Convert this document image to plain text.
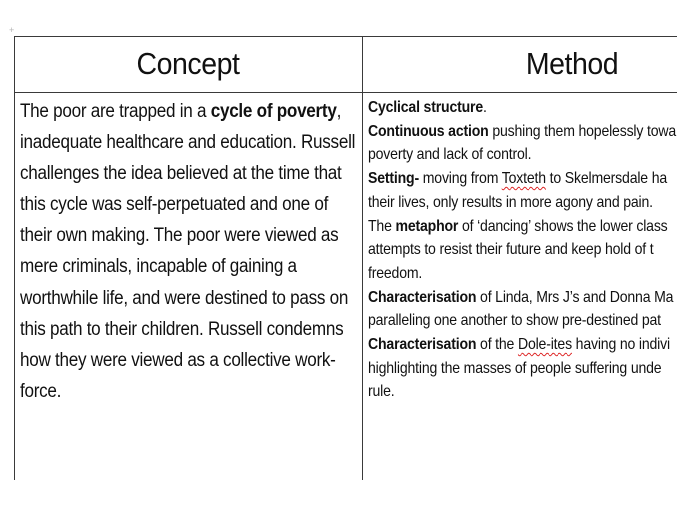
+
Concept	Method
The poor are trapped in a cycle of poverty,
inadequate healthcare and education. Russell
challenges the idea believed at the time that
this cycle was self-perpetuated and one of
their own making. The poor were viewed as
mere criminals, incapable of gaining a
worthwhile life, and were destined to pass on
this path to their children. Russell condemns
how they were viewed as a collective work-
force.
Cyclical structure.
Continuous action pushing them hopelessly towa
poverty and lack of control.
Setting- moving from Toxteth to Skelmersdale ha
their lives, only results in more agony and pain.
The metaphor of ‘dancing’ shows the lower class
attempts to resist their future and keep hold of t
freedom.
Characterisation of Linda, Mrs J’s and Donna Ma
paralleling one another to show pre-destined pat
Characterisation of the Dole-ites having no indivi
highlighting the masses of people suffering unde
rule.
